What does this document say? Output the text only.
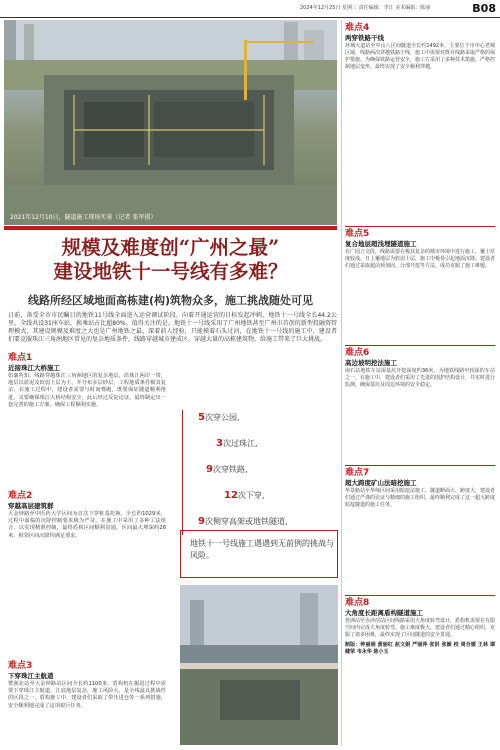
2024年12月25日 星期三 责任编辑：李江 美术编辑：陈丽	B08
2021年12月10日，隧道施工现场实景（记者 张军摄）
规模及难度创“广州之最”
建设地铁十一号线有多难？
线路所经区域地面高栋建(构)筑物众多，施工挑战随处可见
日前，备受全市市民瞩目的地铁11号线全面进入运营调试阶段，向着开通运营的目标发起冲刺。地铁十一号线全长44.2公里，全线共设31座车站，换乘站占比超80%。值得关注的是，地铁十一号线采用了广州地铁甚至广州市首创的新型投融资管理模式，其建设规模及难度之大也是广州地铁之最，深着前人经验，只能摸着石头过河，在地铁十一号线的施工中，建设者们要克服珠江三角洲地区常见的复杂地质条件，线路穿越城市建成区，穿越大量的高栋建筑物，给施工带来了巨大挑战。
难点1
近接珠江大桥施工
如襄所知，线路穿越珠江三角洲地区的复杂地层，沿珠江两岸一带，地层以淤泥及软弱土层为主，并分布多层砂层，工程地质条件极其复杂。在施工过程中，建设者需要与时间赛跑，既要保证隧道顺利推进，又要确保珠江大桥结构安全，此后经过反复论证，最终制定出一套完善的施工方案，确保工程顺利实施。
难点2
穿越高层建筑群
大金钟路至中医药大学区间为首次下穿桩基托换，全长约1029米，过程中面临的沉降控制要求极为严苛。在施工中采用了多种工法组合，以实现精准控制，最终盾构区间顺利贯通，区间最大埋深约26米，相邻区间沉降均满足要求。
难点3
下穿珠江主航道
赞洲北站至大金钟路站区间全长约1100米，盾构机在掘进过程中需要下穿珠江主航道，江底地层复杂，施工风险大，是全线最具挑战性的区段之一。盾构施工中，建设者们采取了带压进仓等一系列措施，安全顺利地完成了这项艰巨任务。
5次穿公园,
3次过珠江,
9次穿铁路,
12次下穿,
9次侧穿高架或地铁隧道,
地铁十一号线施工遇遇到无前例的挑战与风险。
难点4
两穿铁路干线
环城大道站至中山八区间隧道全长约1492米，主要位于市中心老城区域，线路两次穿越铁路干线，施工中需要对既有线路采取严格的保护措施。为确保铁路运营安全，施工方采用了多种技术措施，严格控制地层变形，最终实现了安全顺利穿越。
难点5
复合地层超浅埋隧道施工
在广园立交段，线路需要在极其复杂的城市环境中进行施工，覆土厚度较浅，且上覆地层为软弱土层，施工中极易引起地面沉降。建设者们通过采取超前预加固、分部开挖等方法，成功克服了施工难题。
难点6
高边坡明挖法施工
南石站地铁车站深基坑开挖深度约36米，为地铁线路中较深的车站之一。在施工中，建设者们采用了先进的围护结构设计，并实时进行监测，确保基坑及周边环境的安全稳定。
难点7
超大跨度矿山法暗挖施工
华景路站至华师区间采用暗挖法施工，隧道断面大、跨度大，建设者们通过严谨的论证与精细的施工组织，最终顺利完成了这一超大跨度暗挖隧道的施工任务。
难点8
大角度长距离盾构隧道施工
琶洲站至赤沙滘站区间线路采用大角度转弯设计，盾构机需要在有限空间内完成大角度转弯，施工难度极大。建设者们通过精心组织，克服了诸多困难，最终实现了区间隧道的安全贯通。
制版：钟丽娟 黄丽红 赵文娟 严丽萍 张洪 张颖 校 周合媛 王林 谭健荣 韦永华 陈小玉
